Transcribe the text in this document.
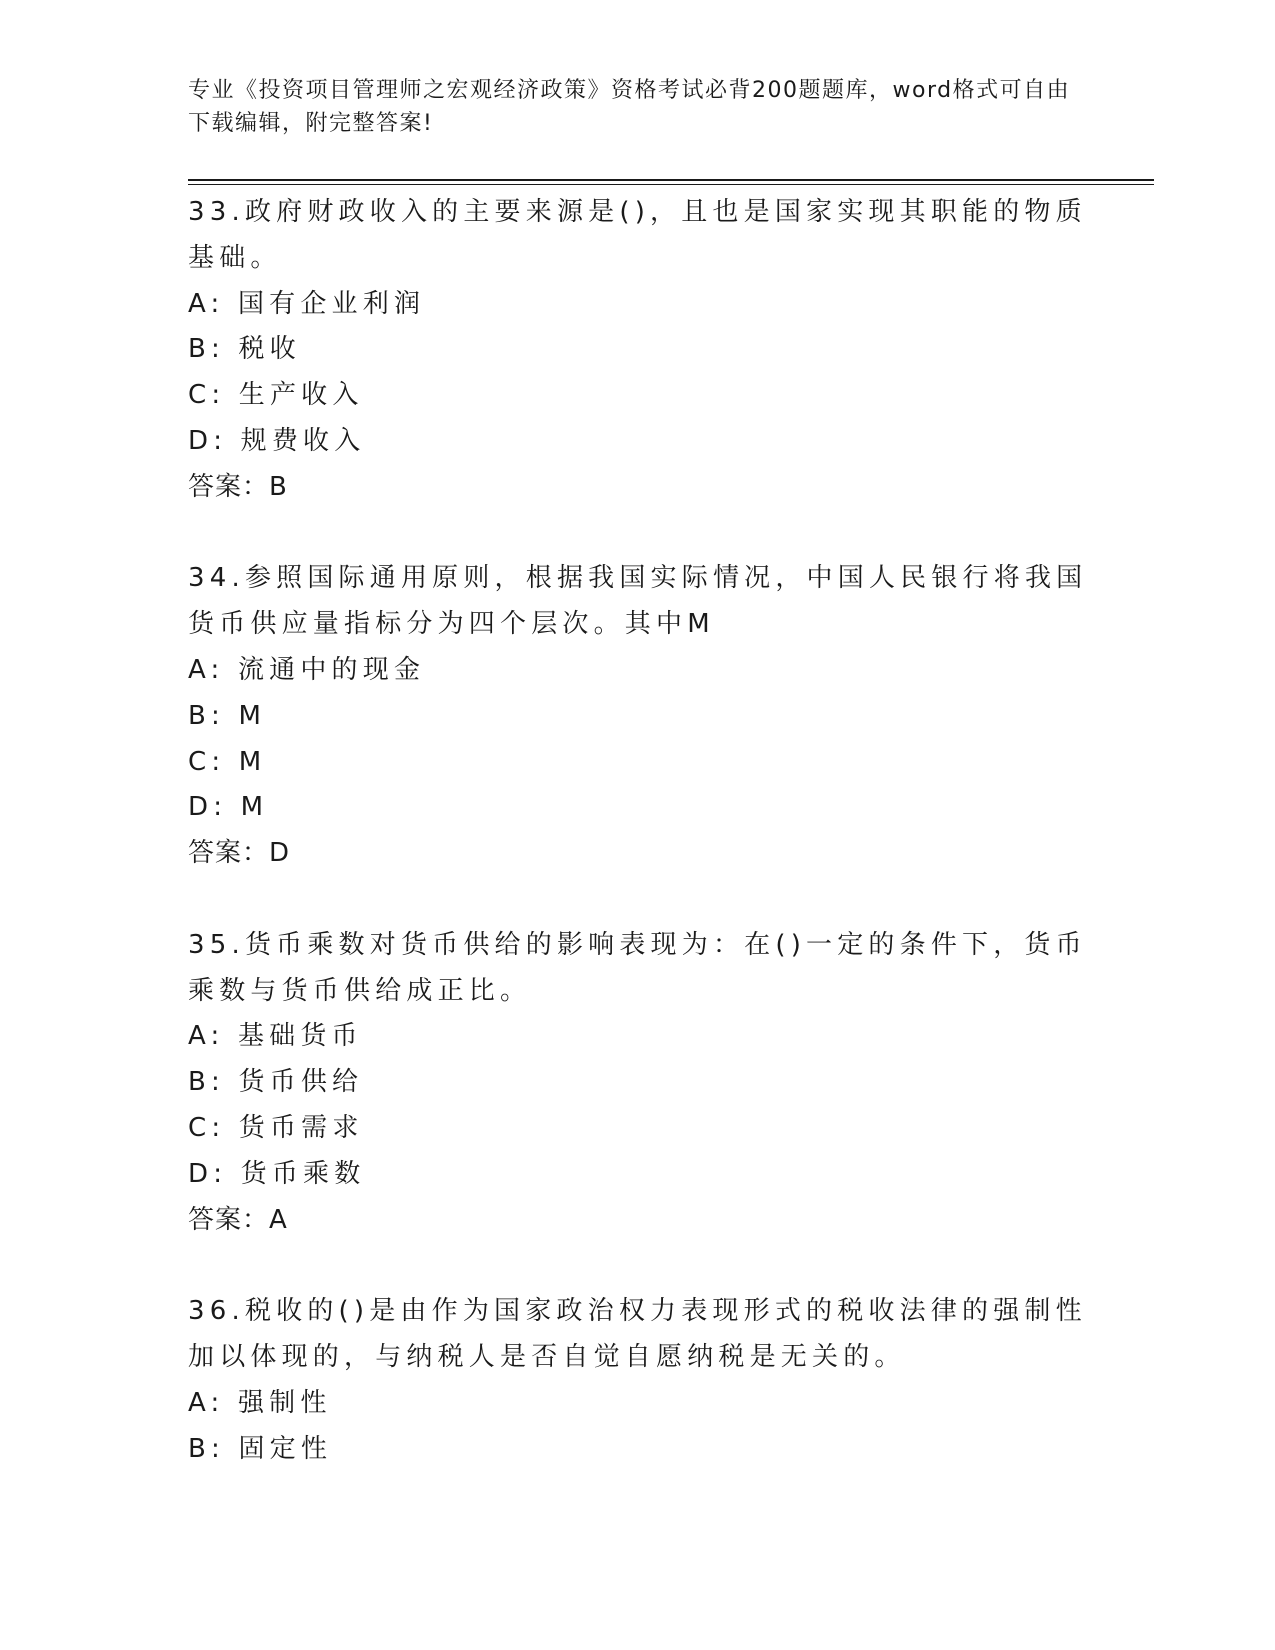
专业《投资项目管理师之宏观经济政策》资格考试必背200题题库，word格式可自由下载编辑，附完整答案!

33.政府财政收入的主要来源是()，且也是国家实现其职能的物质基础。

A: 国有企业利润

B: 税收

C: 生产收入

D: 规费收入

答案：B

34.参照国际通用原则，根据我国实际情况，中国人民银行将我国货币供应量指标分为四个层次。其中M

A: 流通中的现金

B: M

C: M

D: M

答案：D

35.货币乘数对货币供给的影响表现为：在()一定的条件下，货币乘数与货币供给成正比。

A: 基础货币

B: 货币供给

C: 货币需求

D: 货币乘数

答案：A

36.税收的()是由作为国家政治权力表现形式的税收法律的强制性加以体现的，与纳税人是否自觉自愿纳税是无关的。

A: 强制性

B: 固定性
